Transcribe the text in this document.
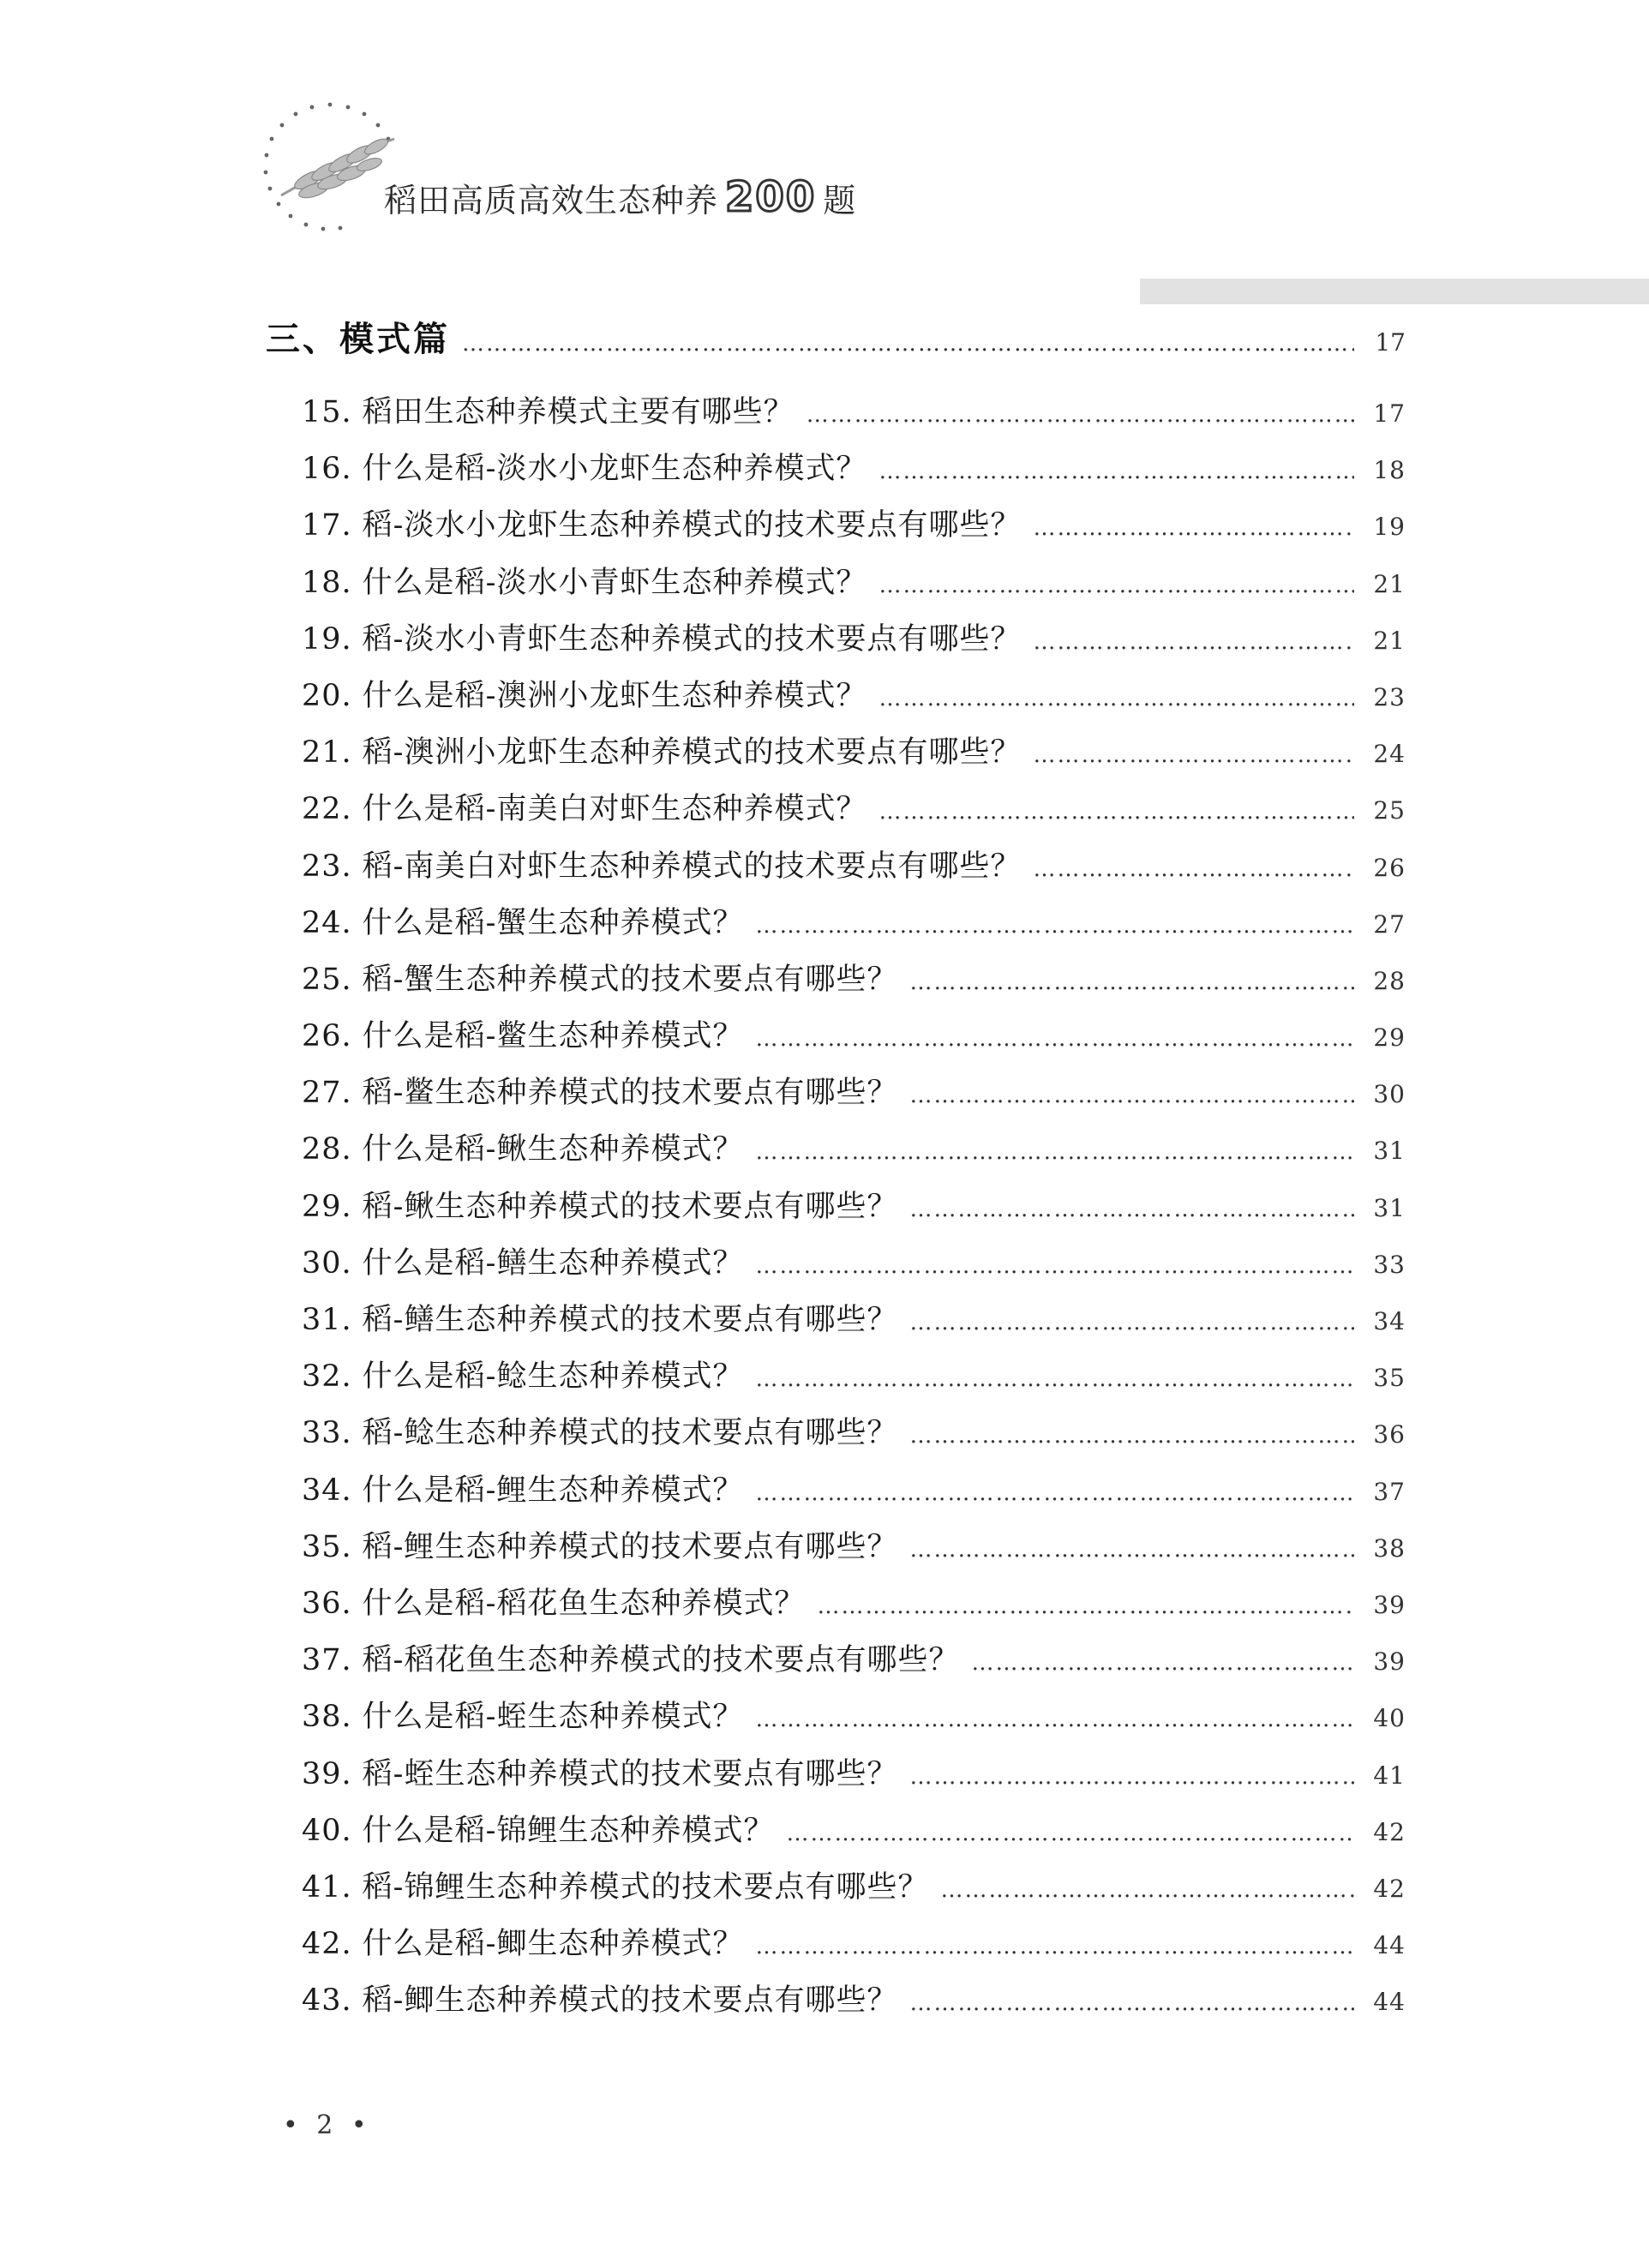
稻田高质高效生态种养 200 题
三、模式篇 …………………………………………………………………………………………………………………………………………………………	17
15. 稻田生态种养模式主要有哪些？ …………………………………………………………………………………………………………………………………………………………	17
16. 什么是稻-淡水小龙虾生态种养模式？ …………………………………………………………………………………………………………………………………………………………	18
17. 稻-淡水小龙虾生态种养模式的技术要点有哪些？ …………………………………………………………………………………………………………………………………………………………	19
18. 什么是稻-淡水小青虾生态种养模式？ …………………………………………………………………………………………………………………………………………………………	21
19. 稻-淡水小青虾生态种养模式的技术要点有哪些？ …………………………………………………………………………………………………………………………………………………………	21
20. 什么是稻-澳洲小龙虾生态种养模式？ …………………………………………………………………………………………………………………………………………………………	23
21. 稻-澳洲小龙虾生态种养模式的技术要点有哪些？ …………………………………………………………………………………………………………………………………………………………	24
22. 什么是稻-南美白对虾生态种养模式？ …………………………………………………………………………………………………………………………………………………………	25
23. 稻-南美白对虾生态种养模式的技术要点有哪些？ …………………………………………………………………………………………………………………………………………………………	26
24. 什么是稻-蟹生态种养模式？ …………………………………………………………………………………………………………………………………………………………	27
25. 稻-蟹生态种养模式的技术要点有哪些？ …………………………………………………………………………………………………………………………………………………………	28
26. 什么是稻-鳖生态种养模式？ …………………………………………………………………………………………………………………………………………………………	29
27. 稻-鳖生态种养模式的技术要点有哪些？ …………………………………………………………………………………………………………………………………………………………	30
28. 什么是稻-鳅生态种养模式？ …………………………………………………………………………………………………………………………………………………………	31
29. 稻-鳅生态种养模式的技术要点有哪些？ …………………………………………………………………………………………………………………………………………………………	31
30. 什么是稻-鳝生态种养模式？ …………………………………………………………………………………………………………………………………………………………	33
31. 稻-鳝生态种养模式的技术要点有哪些？ …………………………………………………………………………………………………………………………………………………………	34
32. 什么是稻-鲶生态种养模式？ …………………………………………………………………………………………………………………………………………………………	35
33. 稻-鲶生态种养模式的技术要点有哪些？ …………………………………………………………………………………………………………………………………………………………	36
34. 什么是稻-鲤生态种养模式？ …………………………………………………………………………………………………………………………………………………………	37
35. 稻-鲤生态种养模式的技术要点有哪些？ …………………………………………………………………………………………………………………………………………………………	38
36. 什么是稻-稻花鱼生态种养模式？ …………………………………………………………………………………………………………………………………………………………	39
37. 稻-稻花鱼生态种养模式的技术要点有哪些？ …………………………………………………………………………………………………………………………………………………………	39
38. 什么是稻-蛭生态种养模式？ …………………………………………………………………………………………………………………………………………………………	40
39. 稻-蛭生态种养模式的技术要点有哪些？ …………………………………………………………………………………………………………………………………………………………	41
40. 什么是稻-锦鲤生态种养模式？ …………………………………………………………………………………………………………………………………………………………	42
41. 稻-锦鲤生态种养模式的技术要点有哪些？ …………………………………………………………………………………………………………………………………………………………	42
42. 什么是稻-鲫生态种养模式？ …………………………………………………………………………………………………………………………………………………………	44
43. 稻-鲫生态种养模式的技术要点有哪些？ …………………………………………………………………………………………………………………………………………………………	44
• 2 •
